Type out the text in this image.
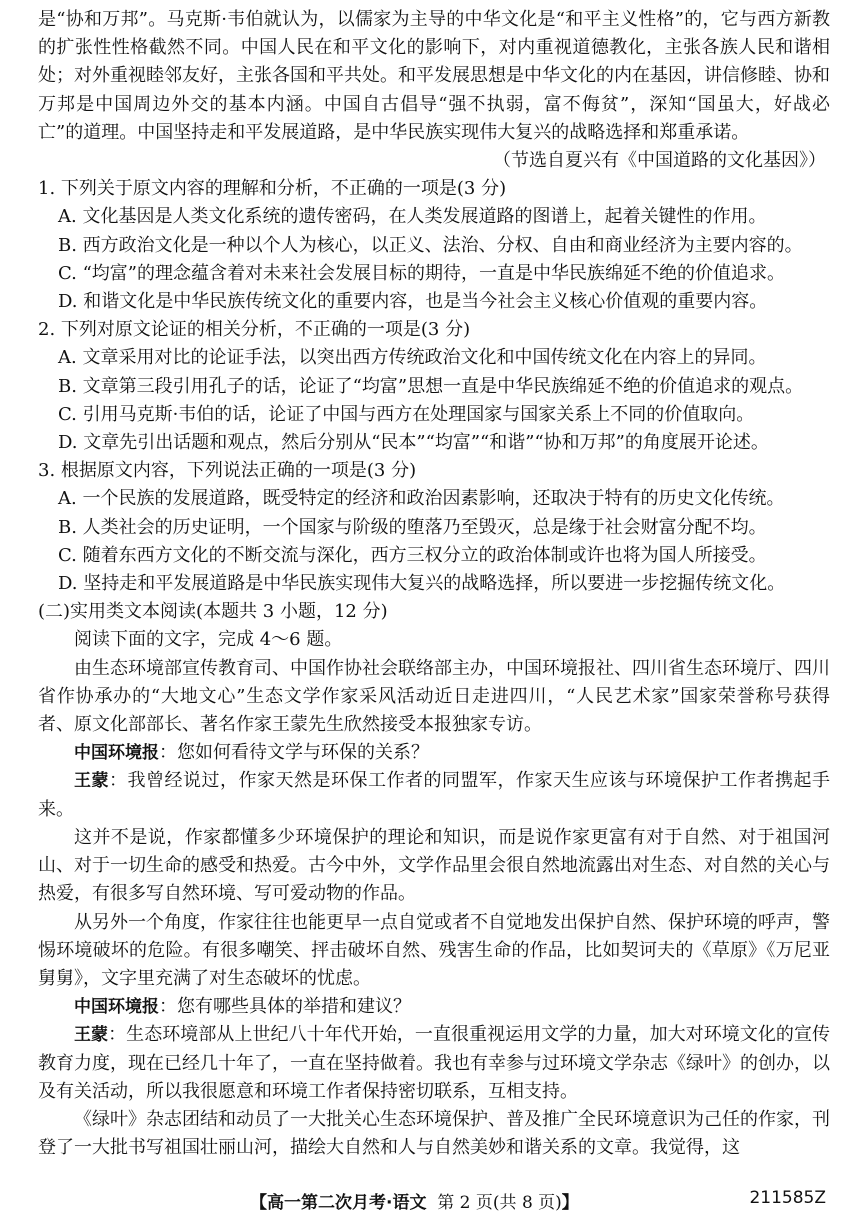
是“协和万邦”。马克斯·韦伯就认为，以儒家为主导的中华文化是“和平主义性格”的，它与西方新教的扩张性性格截然不同。中国人民在和平文化的影响下，对内重视道德教化，主张各族人民和谐相处；对外重视睦邻友好，主张各国和平共处。和平发展思想是中华文化的内在基因，讲信修睦、协和万邦是中国周边外交的基本内涵。中国自古倡导“强不执弱，富不侮贫”，深知“国虽大，好战必亡”的道理。中国坚持走和平发展道路，是中华民族实现伟大复兴的战略选择和郑重承诺。

（节选自夏兴有《中国道路的文化基因》）

1. 下列关于原文内容的理解和分析，不正确的一项是(3 分)

A. 文化基因是人类文化系统的遗传密码，在人类发展道路的图谱上，起着关键性的作用。

B. 西方政治文化是一种以个人为核心，以正义、法治、分权、自由和商业经济为主要内容的。

C. “均富”的理念蕴含着对未来社会发展目标的期待，一直是中华民族绵延不绝的价值追求。

D. 和谐文化是中华民族传统文化的重要内容，也是当今社会主义核心价值观的重要内容。

2. 下列对原文论证的相关分析，不正确的一项是(3 分)

A. 文章采用对比的论证手法，以突出西方传统政治文化和中国传统文化在内容上的异同。

B. 文章第三段引用孔子的话，论证了“均富”思想一直是中华民族绵延不绝的价值追求的观点。

C. 引用马克斯·韦伯的话，论证了中国与西方在处理国家与国家关系上不同的价值取向。

D. 文章先引出话题和观点，然后分别从“民本”“均富”“和谐”“协和万邦”的角度展开论述。

3. 根据原文内容，下列说法正确的一项是(3 分)

A. 一个民族的发展道路，既受特定的经济和政治因素影响，还取决于特有的历史文化传统。

B. 人类社会的历史证明，一个国家与阶级的堕落乃至毁灭，总是缘于社会财富分配不均。

C. 随着东西方文化的不断交流与深化，西方三权分立的政治体制或许也将为国人所接受。

D. 坚持走和平发展道路是中华民族实现伟大复兴的战略选择，所以要进一步挖掘传统文化。

(二)实用类文本阅读(本题共 3 小题，12 分)

阅读下面的文字，完成 4～6 题。

由生态环境部宣传教育司、中国作协社会联络部主办，中国环境报社、四川省生态环境厅、四川省作协承办的“大地文心”生态文学作家采风活动近日走进四川，“人民艺术家”国家荣誉称号获得者、原文化部部长、著名作家王蒙先生欣然接受本报独家专访。

中国环境报：您如何看待文学与环保的关系？

王蒙：我曾经说过，作家天然是环保工作者的同盟军，作家天生应该与环境保护工作者携起手来。

这并不是说，作家都懂多少环境保护的理论和知识，而是说作家更富有对于自然、对于祖国河山、对于一切生命的感受和热爱。古今中外，文学作品里会很自然地流露出对生态、对自然的关心与热爱，有很多写自然环境、写可爱动物的作品。

从另外一个角度，作家往往也能更早一点自觉或者不自觉地发出保护自然、保护环境的呼声，警惕环境破坏的危险。有很多嘲笑、抨击破坏自然、残害生命的作品，比如契诃夫的《草原》《万尼亚舅舅》，文字里充满了对生态破坏的忧虑。

中国环境报：您有哪些具体的举措和建议？

王蒙：生态环境部从上世纪八十年代开始，一直很重视运用文学的力量，加大对环境文化的宣传教育力度，现在已经几十年了，一直在坚持做着。我也有幸参与过环境文学杂志《绿叶》的创办，以及有关活动，所以我很愿意和环境工作者保持密切联系，互相支持。

《绿叶》杂志团结和动员了一大批关心生态环境保护、普及推广全民环境意识为己任的作家，刊登了一大批书写祖国壮丽山河，描绘大自然和人与自然美妙和谐关系的文章。我觉得，这

【高一第二次月考·语文 第 2 页(共 8 页)】	211585Z
